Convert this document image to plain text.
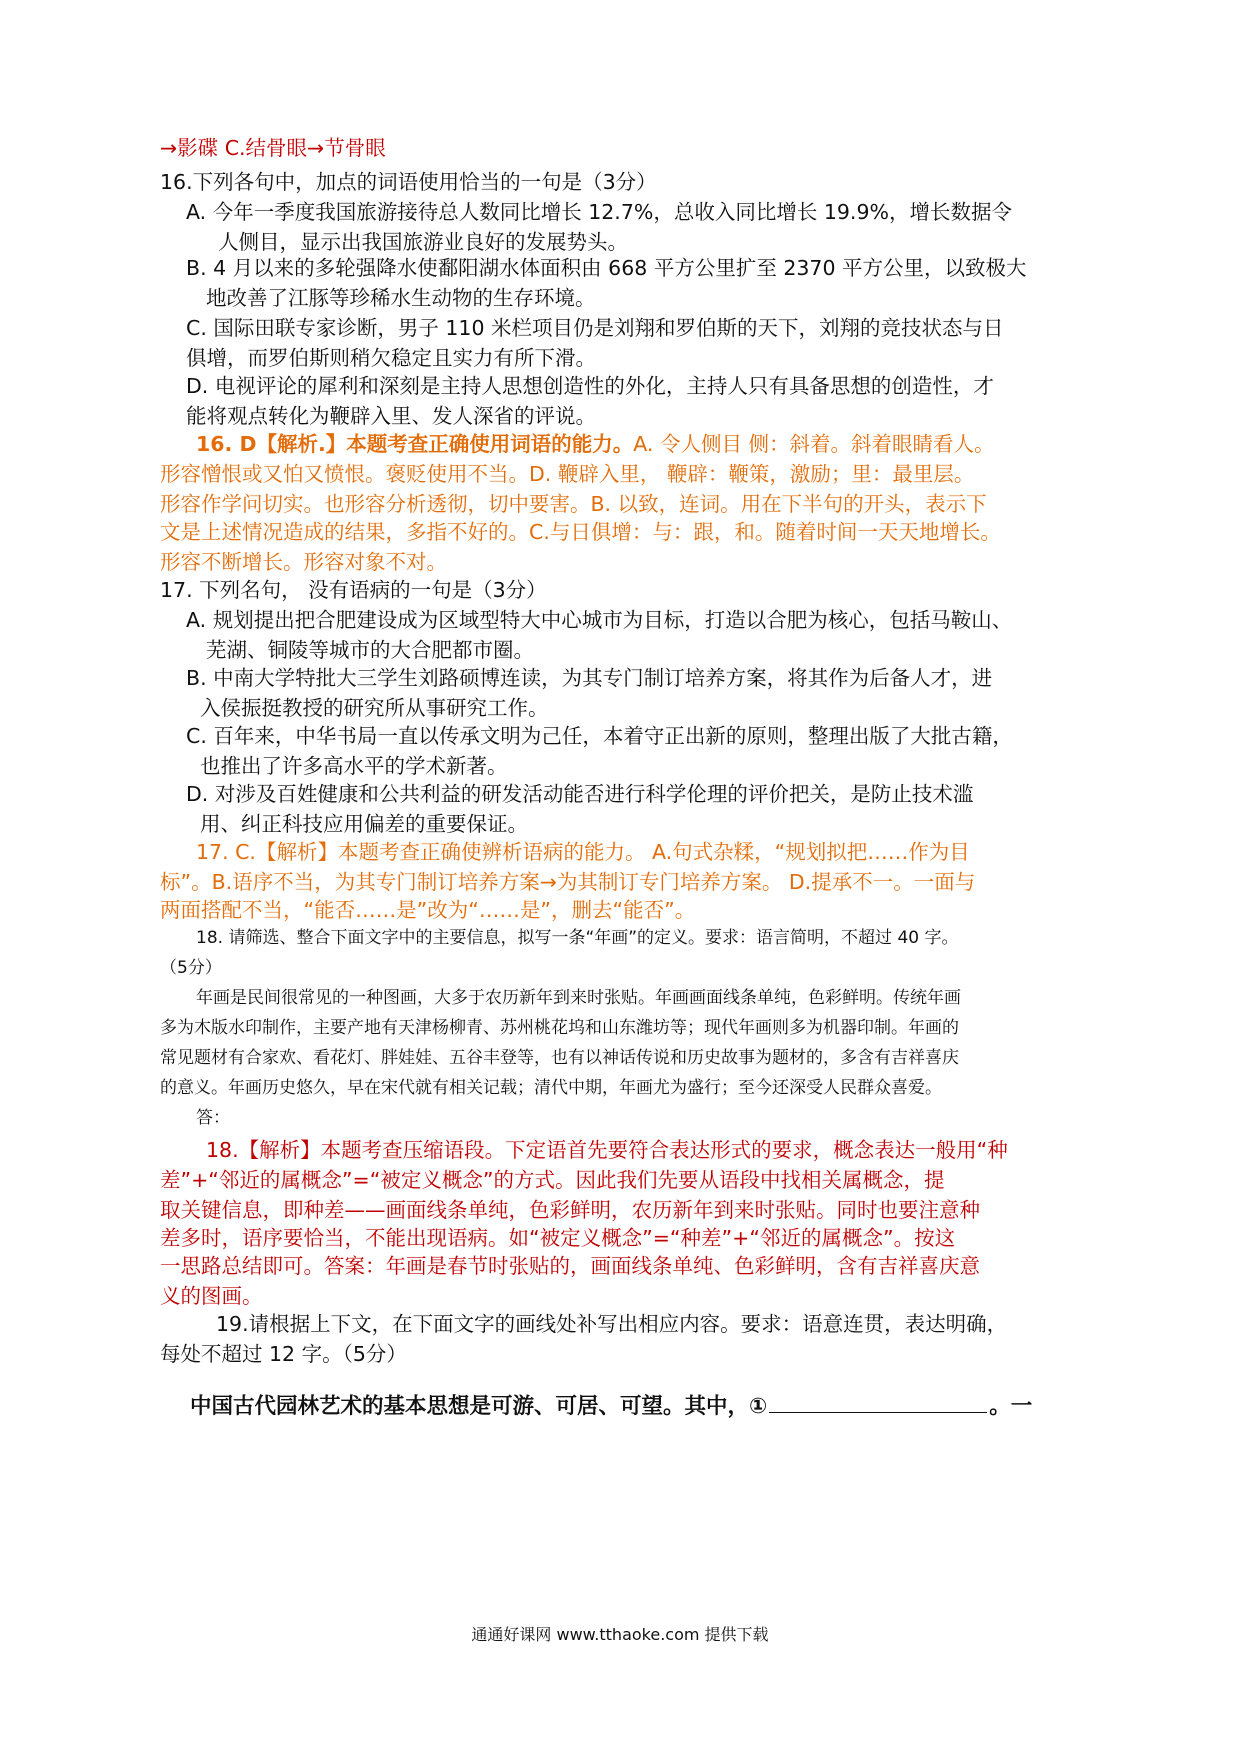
→影碟 C.结骨眼→节骨眼

16.下列各句中，加点的词语使用恰当的一句是（3分）

A. 今年一季度我国旅游接待总人数同比增长 12.7%，总收入同比增长 19.9%，增长数据令

人侧目，显示出我国旅游业良好的发展势头。

B. 4 月以来的多轮强降水使鄱阳湖水体面积由 668 平方公里扩至 2370 平方公里，以致极大

地改善了江豚等珍稀水生动物的生存环境。

C. 国际田联专家诊断，男子 110 米栏项目仍是刘翔和罗伯斯的天下，刘翔的竞技状态与日

俱增，而罗伯斯则稍欠稳定且实力有所下滑。

D. 电视评论的犀利和深刻是主持人思想创造性的外化，主持人只有具备思想的创造性，才

能将观点转化为鞭辟入里、发人深省的评说。

16. D【解析.】本题考查正确使用词语的能力。A. 令人侧目 侧：斜着。斜着眼睛看人。

形容憎恨或又怕又愤恨。褒贬使用不当。D. 鞭辟入里， 鞭辟：鞭策，激励；里：最里层。

形容作学问切实。也形容分析透彻，切中要害。B. 以致，连词。用在下半句的开头，表示下

文是上述情况造成的结果，多指不好的。C.与日俱增：与：跟，和。随着时间一天天地增长。

形容不断增长。形容对象不对。

17. 下列名句， 没有语病的一句是（3分）

A. 规划提出把合肥建设成为区域型特大中心城市为目标，打造以合肥为核心，包括马鞍山、

芜湖、铜陵等城市的大合肥都市圈。

B. 中南大学特批大三学生刘路硕博连读，为其专门制订培养方案，将其作为后备人才，进

入侯振挺教授的研究所从事研究工作。

C. 百年来，中华书局一直以传承文明为己任，本着守正出新的原则，整理出版了大批古籍，

也推出了许多高水平的学术新著。

D. 对涉及百姓健康和公共利益的研发活动能否进行科学伦理的评价把关，是防止技术滥

用、纠正科技应用偏差的重要保证。

17. C.【解析】本题考查正确使辨析语病的能力。 A.句式杂糅，“规划拟把……作为目

标”。B.语序不当，为其专门制订培养方案→为其制订专门培养方案。 D.提承不一。一面与

两面搭配不当，“能否……是”改为“……是”，删去“能否”。

18. 请筛选、整合下面文字中的主要信息，拟写一条“年画”的定义。要求：语言简明，不超过 40 字。

（5分）

年画是民间很常见的一种图画，大多于农历新年到来时张贴。年画画面线条单纯，色彩鲜明。传统年画

多为木版水印制作，主要产地有天津杨柳青、苏州桃花坞和山东潍坊等；现代年画则多为机器印制。年画的

常见题材有合家欢、看花灯、胖娃娃、五谷丰登等，也有以神话传说和历史故事为题材的，多含有吉祥喜庆

的意义。年画历史悠久，早在宋代就有相关记载；清代中期，年画尤为盛行；至今还深受人民群众喜爱。

答：

18.【解析】本题考查压缩语段。下定语首先要符合表达形式的要求，概念表达一般用“种

差”+“邻近的属概念”=“被定义概念”的方式。因此我们先要从语段中找相关属概念，提

取关键信息，即种差——画面线条单纯，色彩鲜明，农历新年到来时张贴。同时也要注意种

差多时，语序要恰当，不能出现语病。如“被定义概念”=“种差”+“邻近的属概念”。按这

一思路总结即可。答案：年画是春节时张贴的，画面线条单纯、色彩鲜明，含有吉祥喜庆意

义的图画。

19.请根据上下文，在下面文字的画线处补写出相应内容。要求：语意连贯，表达明确，

每处不超过 12 字。（5分）

中国古代园林艺术的基本思想是可游、可居、可望。其中，①	。一

通通好课网 www.tthaoke.com 提供下载
